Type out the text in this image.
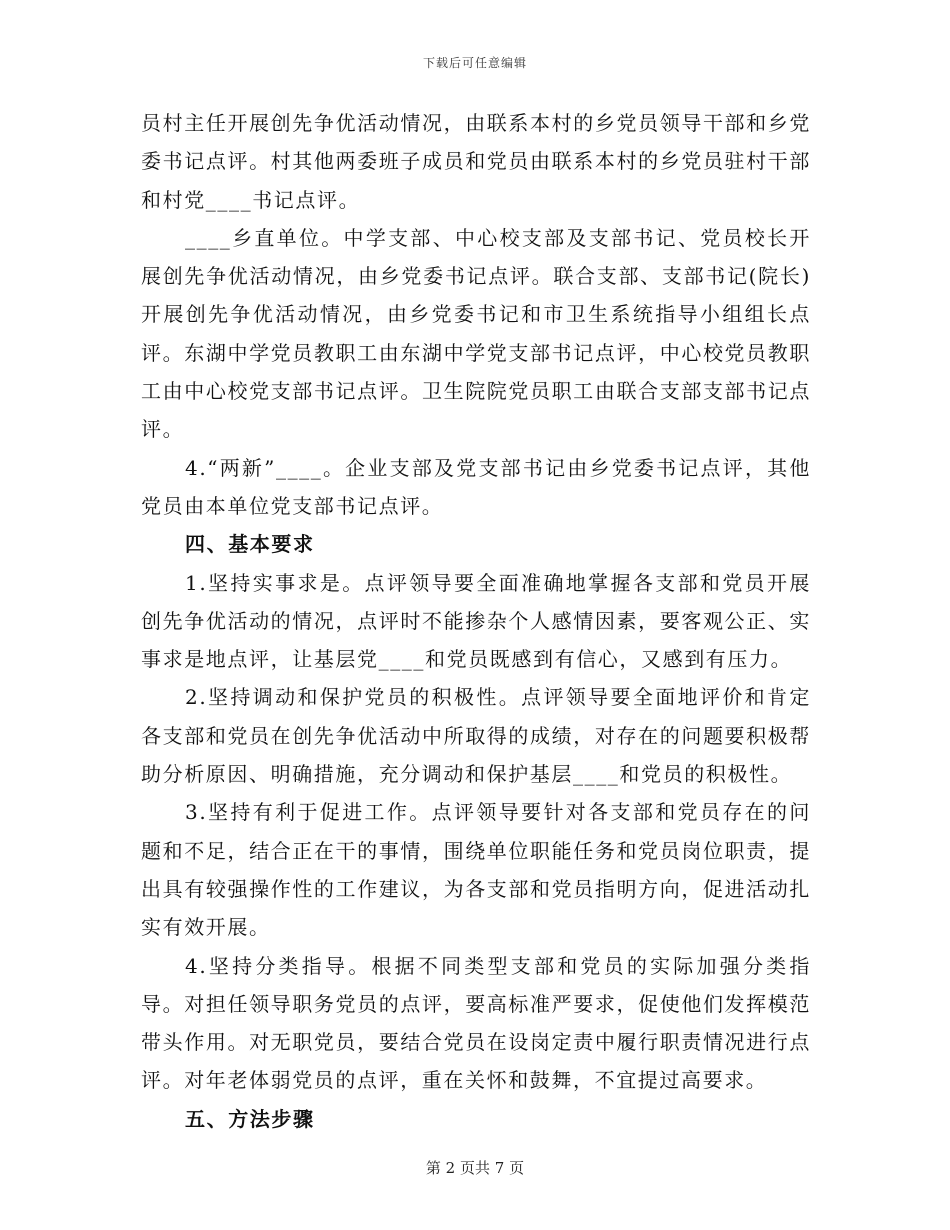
下载后可任意编辑

员村主任开展创先争优活动情况，由联系本村的乡党员领导干部和乡党委书记点评。村其他两委班子成员和党员由联系本村的乡党员驻村干部和村党____书记点评。

____乡直单位。中学支部、中心校支部及支部书记、党员校长开展创先争优活动情况，由乡党委书记点评。联合支部、支部书记(院长)开展创先争优活动情况，由乡党委书记和市卫生系统指导小组组长点评。东湖中学党员教职工由东湖中学党支部书记点评，中心校党员教职工由中心校党支部书记点评。卫生院院党员职工由联合支部支部书记点评。

4.“两新”____。企业支部及党支部书记由乡党委书记点评，其他党员由本单位党支部书记点评。

四、基本要求

1.坚持实事求是。点评领导要全面准确地掌握各支部和党员开展创先争优活动的情况，点评时不能掺杂个人感情因素，要客观公正、实事求是地点评，让基层党____和党员既感到有信心，又感到有压力。

2.坚持调动和保护党员的积极性。点评领导要全面地评价和肯定各支部和党员在创先争优活动中所取得的成绩，对存在的问题要积极帮助分析原因、明确措施，充分调动和保护基层____和党员的积极性。

3.坚持有利于促进工作。点评领导要针对各支部和党员存在的问题和不足，结合正在干的事情，围绕单位职能任务和党员岗位职责，提出具有较强操作性的工作建议，为各支部和党员指明方向，促进活动扎实有效开展。

4.坚持分类指导。根据不同类型支部和党员的实际加强分类指导。对担任领导职务党员的点评，要高标准严要求，促使他们发挥模范带头作用。对无职党员，要结合党员在设岗定责中履行职责情况进行点评。对年老体弱党员的点评，重在关怀和鼓舞，不宜提过高要求。

五、方法步骤

第 2 页共 7 页
